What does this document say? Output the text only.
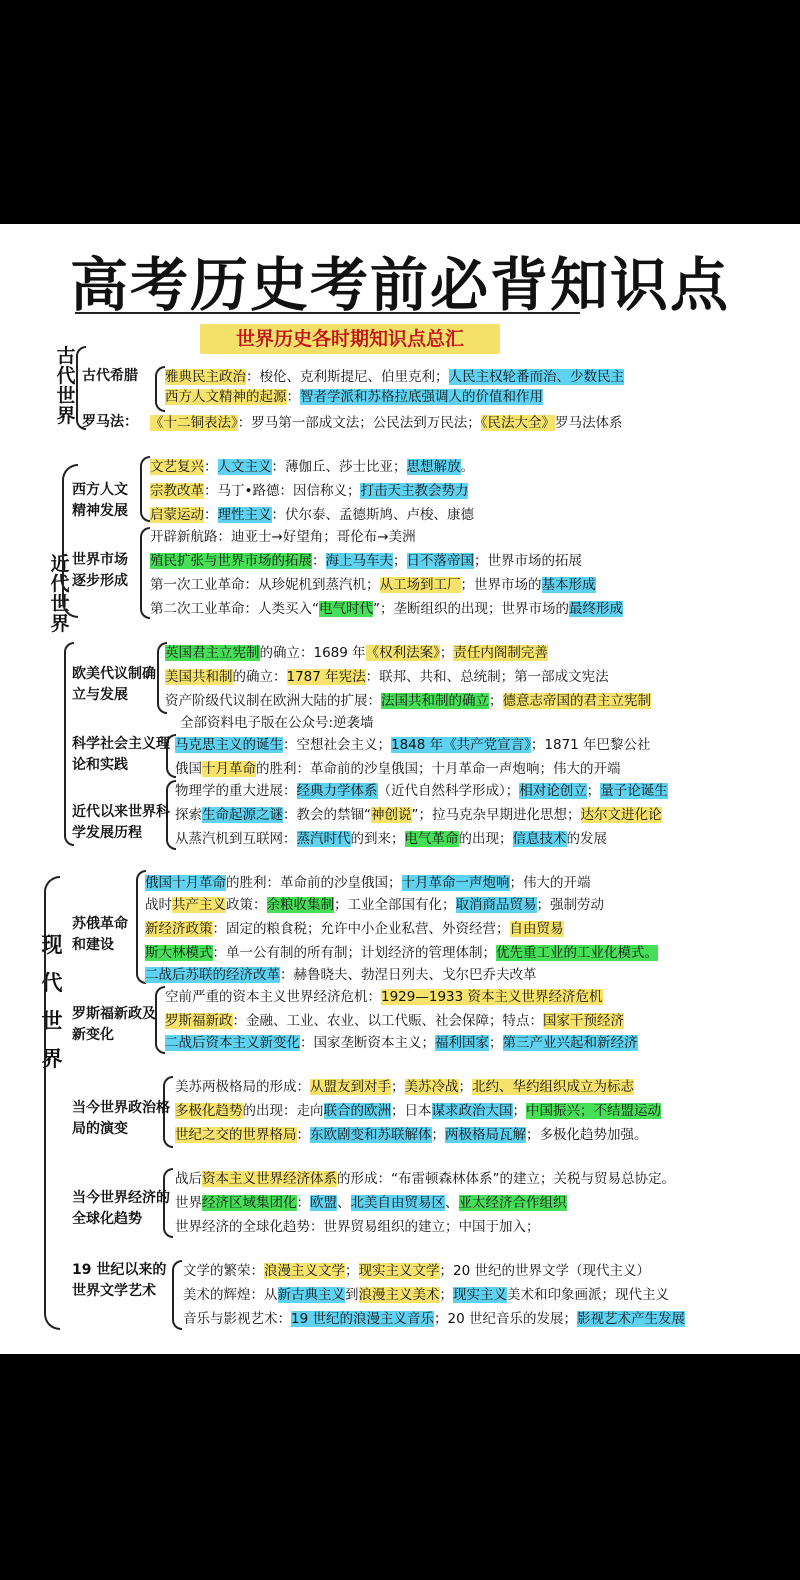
高考历史考前必背知识点
世界历史各时期知识点总汇
古代世界
近代世界
现代世界
古代希腊
罗马法：
西方人文精神发展
世界市场逐步形成
欧美代议制确立与发展
科学社会主义理论和实践
近代以来世界科学发展历程
苏俄革命和建设
罗斯福新政及新变化
当今世界政治格局的演变
当今世界经济的全球化趋势
19 世纪以来的世界文学艺术
雅典民主政治：梭伦、克利斯提尼、伯里克利；人民主权轮番而治、少数民主
西方人文精神的起源：智者学派和苏格拉底强调人的价值和作用
《十二铜表法》：罗马第一部成文法；公民法到万民法；《民法大全》罗马法体系
文艺复兴：人文主义：薄伽丘、莎士比亚；思想解放。
宗教改革：马丁•路德：因信称义；打击天主教会势力
启蒙运动：理性主义：伏尔泰、孟德斯鸠、卢梭、康德
开辟新航路：迪亚士→好望角；哥伦布→美洲
殖民扩张与世界市场的拓展：海上马车夫；日不落帝国；世界市场的拓展
第一次工业革命：从珍妮机到蒸汽机；从工场到工厂；世界市场的基本形成
第二次工业革命：人类买入“电气时代”；垄断组织的出现；世界市场的最终形成
英国君主立宪制的确立：1689 年《权利法案》；责任内阁制完善
美国共和制的确立：1787 年宪法：联邦、共和、总统制；第一部成文宪法
资产阶级代议制在欧洲大陆的扩展：法国共和制的确立；德意志帝国的君主立宪制
全部资料电子版在公众号:逆袭墙
马克思主义的诞生：空想社会主义；1848 年《共产党宣言》；1871 年巴黎公社
俄国十月革命的胜利：革命前的沙皇俄国；十月革命一声炮响；伟大的开端
物理学的重大进展：经典力学体系（近代自然科学形成）；相对论创立；量子论诞生
探索生命起源之谜：教会的禁锢“神创说”；拉马克杂早期进化思想；达尔文进化论
从蒸汽机到互联网：蒸汽时代的到来；电气革命的出现；信息技术的发展
俄国十月革命的胜利：革命前的沙皇俄国；十月革命一声炮响；伟大的开端
战时共产主义政策：余粮收集制；工业全部国有化；取消商品贸易；强制劳动
新经济政策：固定的粮食税；允许中小企业私营、外资经营；自由贸易
斯大林模式：单一公有制的所有制；计划经济的管理体制；优先重工业的工业化模式。
二战后苏联的经济改革：赫鲁晓夫、勃涅日列夫、戈尔巴乔夫改革
空前严重的资本主义世界经济危机：1929—1933 资本主义世界经济危机
罗斯福新政：金融、工业、农业、以工代赈、社会保障；特点：国家干预经济
二战后资本主义新变化：国家垄断资本主义；福利国家；第三产业兴起和新经济
美苏两极格局的形成：从盟友到对手；美苏冷战；北约、华约组织成立为标志
多极化趋势的出现：走向联合的欧洲；日本谋求政治大国；中国振兴；不结盟运动
世纪之交的世界格局：东欧剧变和苏联解体；两极格局瓦解；多极化趋势加强。
战后资本主义世界经济体系的形成：“布雷顿森林体系”的建立；关税与贸易总协定。
世界经济区域集团化：欧盟、北美自由贸易区、亚太经济合作组织
世界经济的全球化趋势：世界贸易组织的建立；中国于加入；
文学的繁荣：浪漫主义文学；现实主义文学；20 世纪的世界文学（现代主义）
美术的辉煌：从新古典主义到浪漫主义美术；现实主义美术和印象画派；现代主义
音乐与影视艺术：19 世纪的浪漫主义音乐；20 世纪音乐的发展；影视艺术产生发展
